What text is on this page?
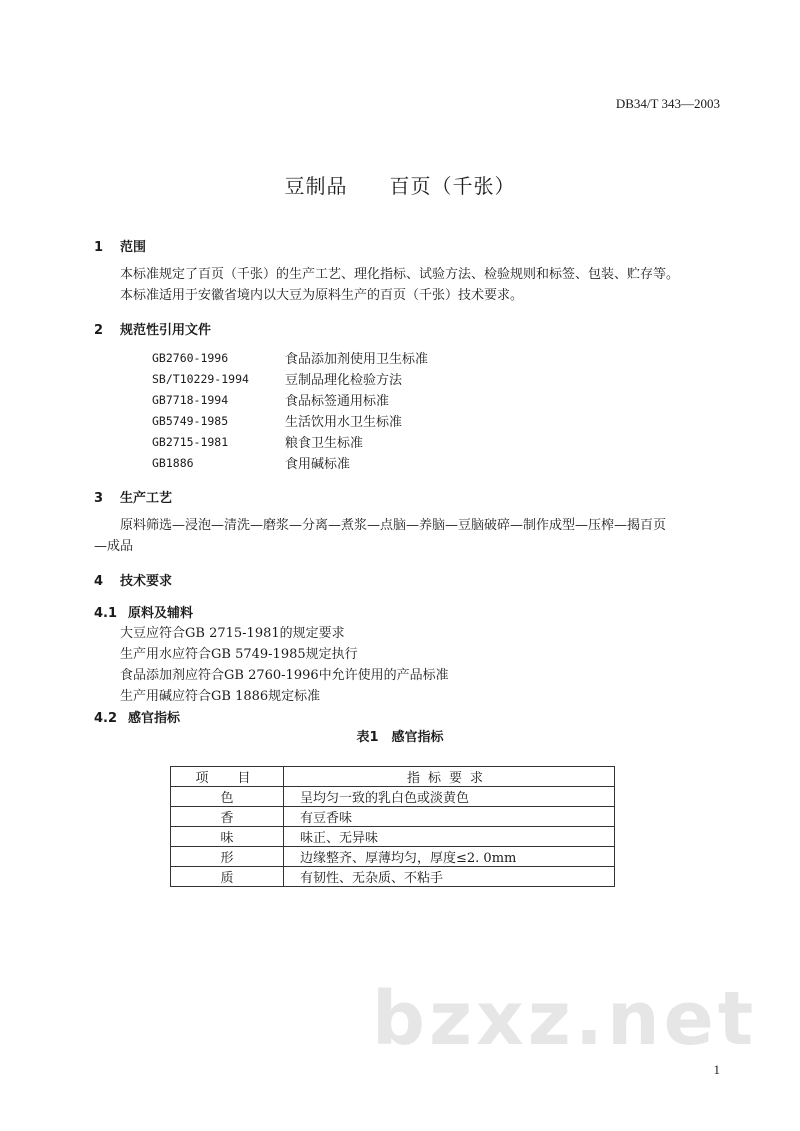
DB34/T 343—2003
豆制品　　百页（千张）
1 范围
本标准规定了百页（千张）的生产工艺、理化指标、试验方法、检验规则和标签、包装、贮存等。
本标准适用于安徽省境内以大豆为原料生产的百页（千张）技术要求。
2 规范性引用文件
GB2760-1996	食品添加剂使用卫生标准
SB/T10229-1994	豆制品理化检验方法
GB7718-1994	食品标签通用标准
GB5749-1985	生活饮用水卫生标准
GB2715-1981	粮食卫生标准
GB1886	食用碱标准
3 生产工艺
原料筛选—浸泡—清洗—磨浆—分离—煮浆—点脑—养脑—豆脑破碎—制作成型—压榨—揭百页
—成品
4 技术要求
4.1 原料及辅料
大豆应符合GB 2715-1981的规定要求
生产用水应符合GB 5749-1985规定执行
食品添加剂应符合GB 2760-1996中允许使用的产品标准
生产用碱应符合GB 1886规定标准
4.2 感官指标
表1　感官指标
项　目	指标要求
色	呈均匀一致的乳白色或淡黄色
香	有豆香味
味	味正、无异味
形	边缘整齐、厚薄均匀，厚度≤2. 0mm
质	有韧性、无杂质、不粘手
bzxz.net
1
